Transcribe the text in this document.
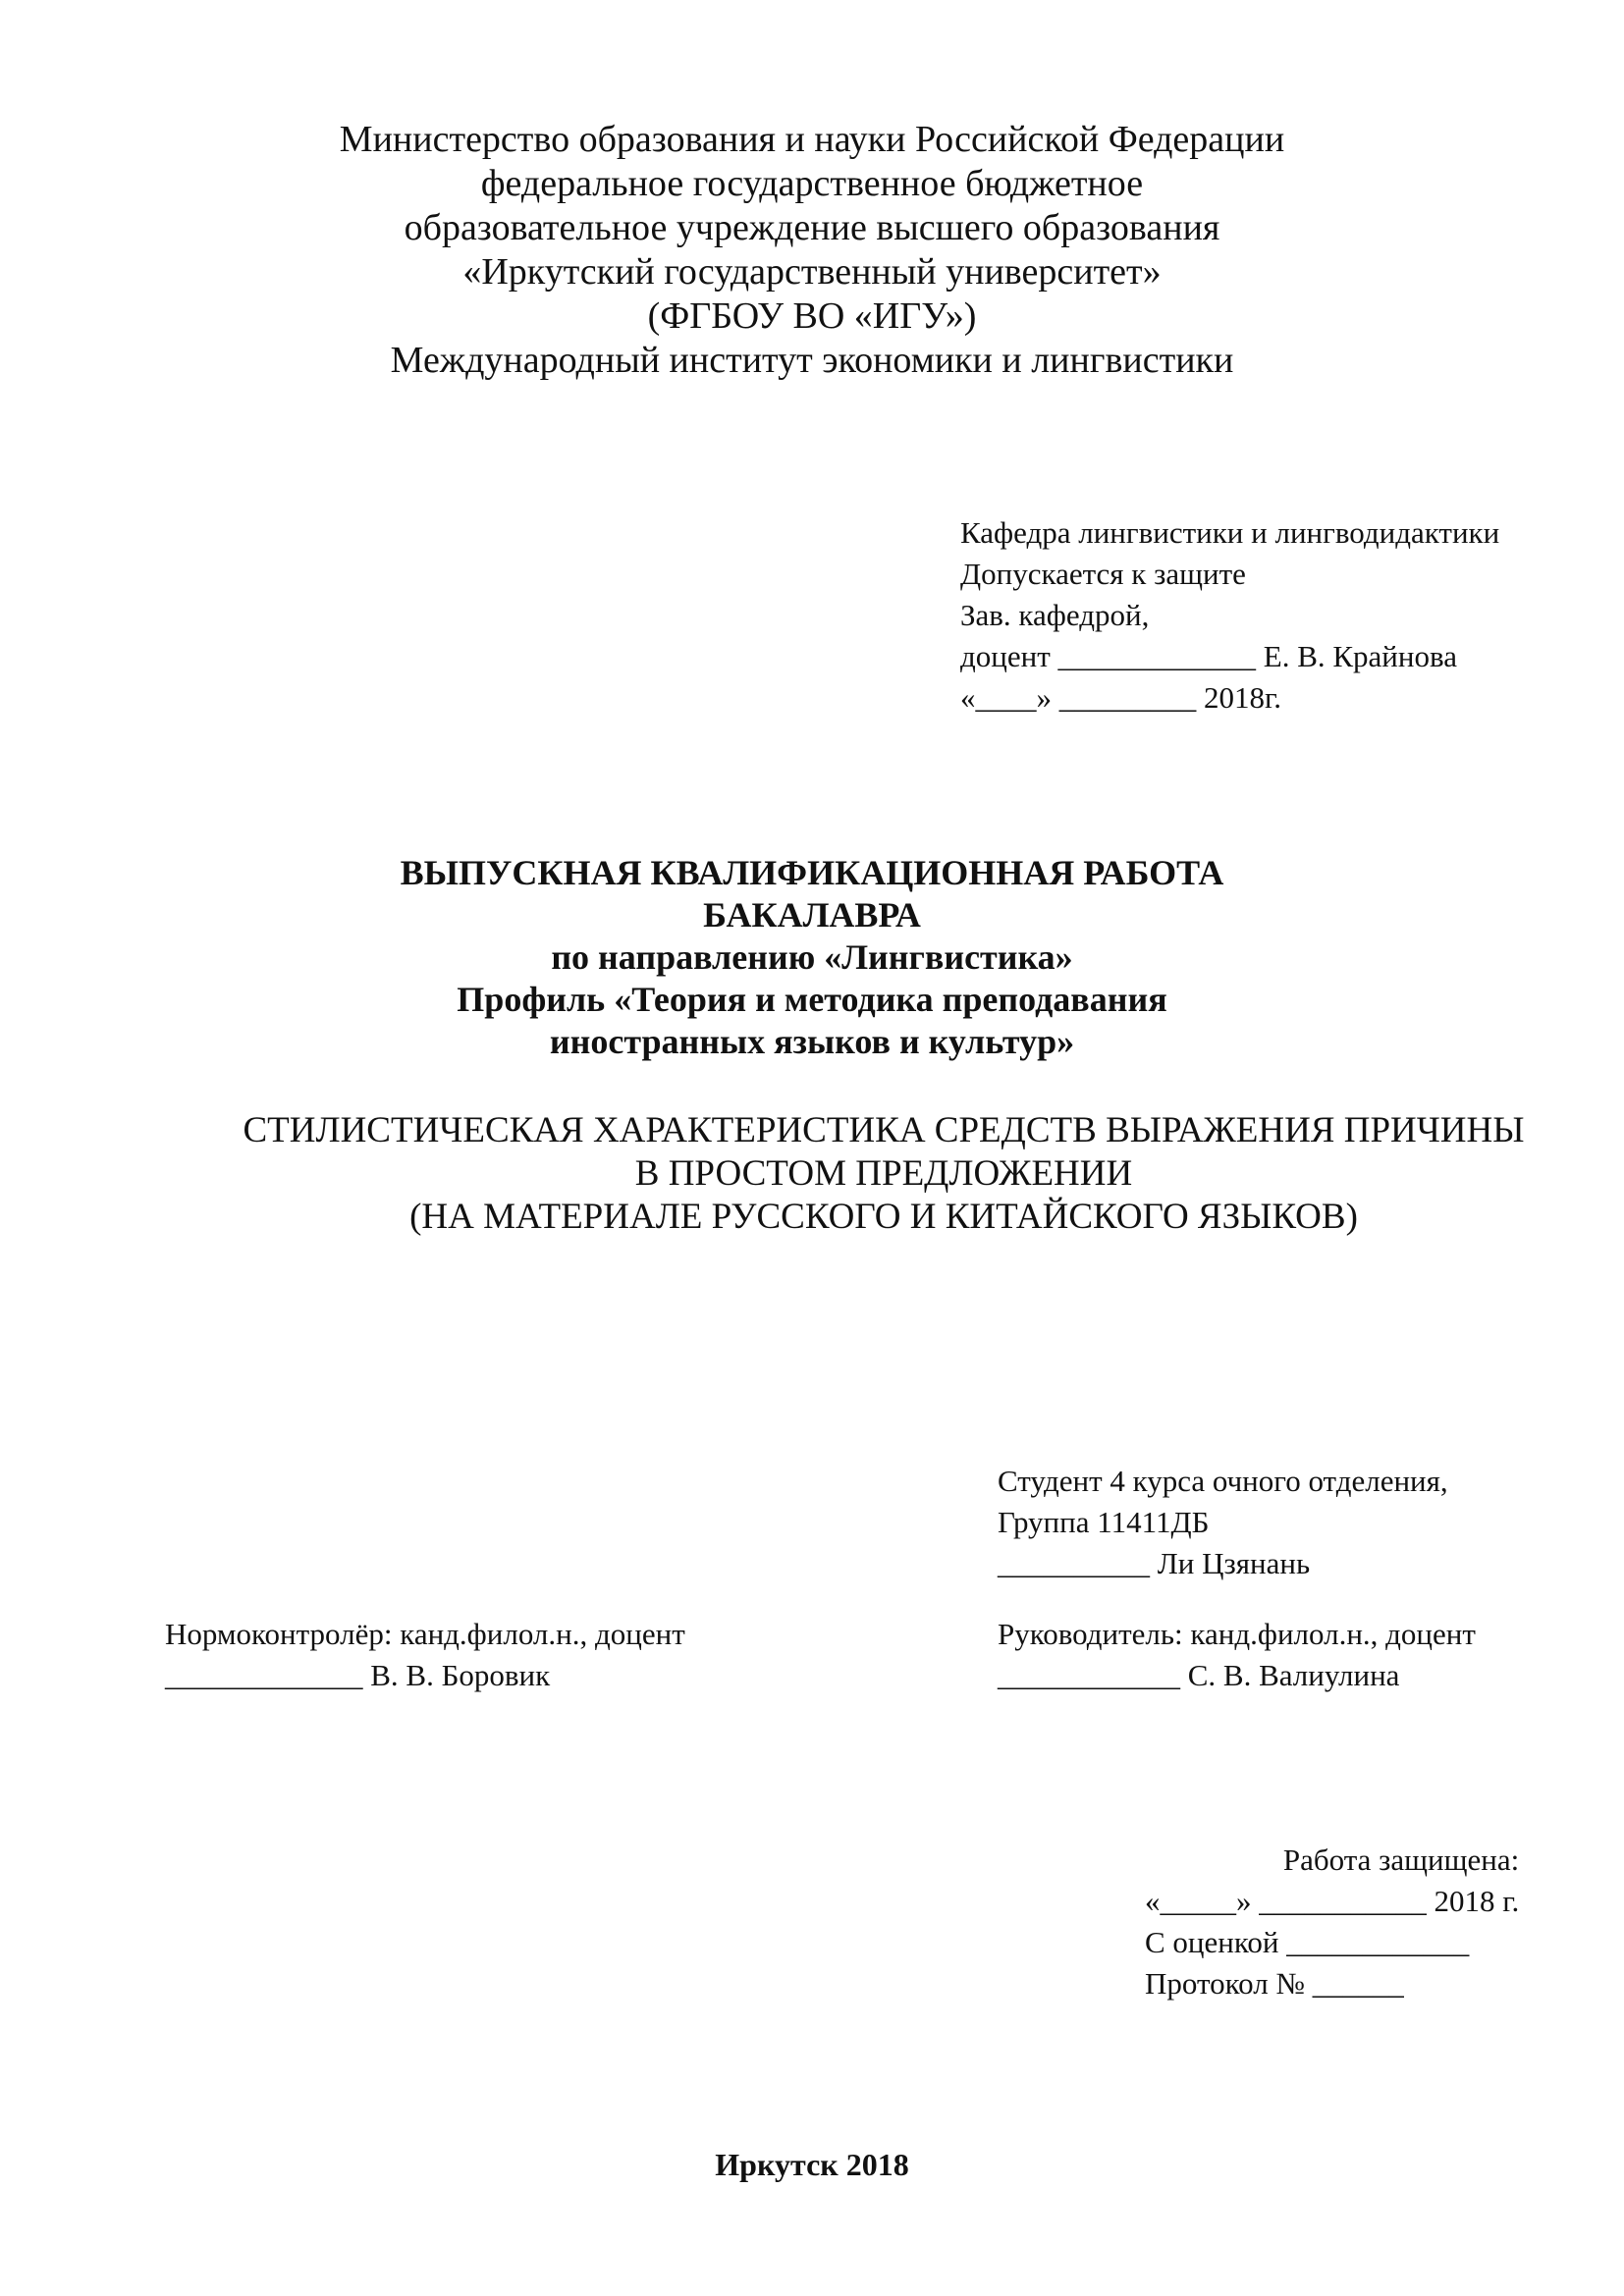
Министерство образования и науки Российской Федерации
федеральное государственное бюджетное
образовательное учреждение высшего образования
«Иркутский государственный университет»
(ФГБОУ ВО «ИГУ»)
Международный институт экономики и лингвистики
Кафедра лингвистики и лингводидактики
Допускается к защите
Зав. кафедрой,
доцент _____________ Е. В. Крайнова
«____» _________ 2018г.
ВЫПУСКНАЯ КВАЛИФИКАЦИОННАЯ РАБОТА
БАКАЛАВРА
по направлению «Лингвистика»
Профиль «Теория и методика преподавания
иностранных языков и культур»
СТИЛИСТИЧЕСКАЯ ХАРАКТЕРИСТИКА СРЕДСТВ ВЫРАЖЕНИЯ ПРИЧИНЫ
В ПРОСТОМ ПРЕДЛОЖЕНИИ
(НА МАТЕРИАЛЕ РУССКОГО И КИТАЙСКОГО ЯЗЫКОВ)
Студент 4 курса очного отделения,
Группа 11411ДБ
__________ Ли Цзянань
Нормоконтролёр: канд.филол.н., доцент
_____________ В. В. Боровик
Руководитель: канд.филол.н., доцент
____________ С. В. Валиулина
Работа защищена:
«_____» ___________ 2018 г.
С оценкой ____________
Протокол № ______
Иркутск 2018
